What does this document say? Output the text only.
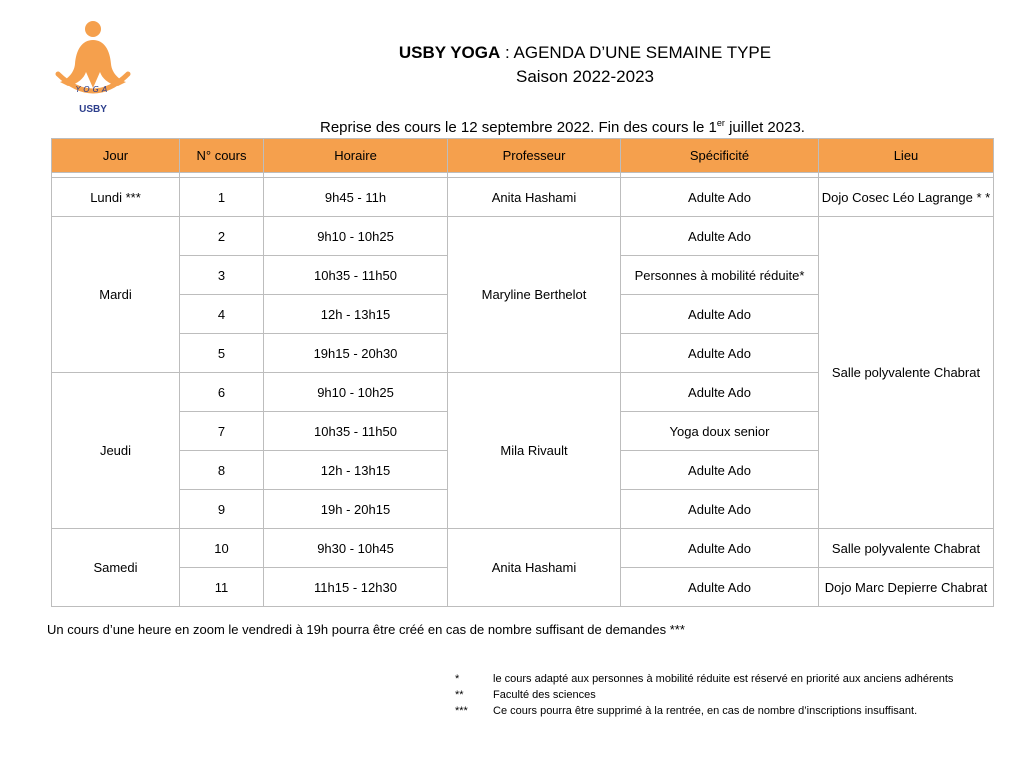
YOGA
USBY
USBY YOGA : AGENDA D’UNE SEMAINE TYPE
Saison 2022-2023
Reprise des cours le 12 septembre 2022. Fin des cours le 1er juillet 2023.
Jour	N° cours	Horaire	Professeur	Spécificité	Lieu

Lundi ***	1	9h45 - 11h	Anita Hashami	Adulte Ado	Dojo Cosec Léo Lagrange * *
Mardi	2	9h10 - 10h25	Maryline Berthelot	Adulte Ado	Salle polyvalente Chabrat
	3	10h35 - 11h50		Personnes à mobilité réduite*	
	4	12h - 13h15		Adulte Ado	
	5	19h15 - 20h30		Adulte Ado	
Jeudi	6	9h10 - 10h25	Mila Rivault	Adulte Ado	
	7	10h35 - 11h50		Yoga doux senior	
	8	12h - 13h15		Adulte Ado	
	9	19h - 20h15		Adulte Ado	
Samedi	10	9h30 - 10h45	Anita Hashami	Adulte Ado	Salle polyvalente Chabrat
	11	11h15 - 12h30		Adulte Ado	Dojo Marc Depierre Chabrat
Un cours d’une heure en zoom le vendredi à 19h pourra être créé en cas de nombre suffisant de demandes ***
*	le cours adapté aux personnes à mobilité réduite est réservé en priorité aux anciens adhérents
**	Faculté des sciences
***	Ce cours pourra être supprimé à la rentrée, en cas de nombre d’inscriptions insuffisant.
